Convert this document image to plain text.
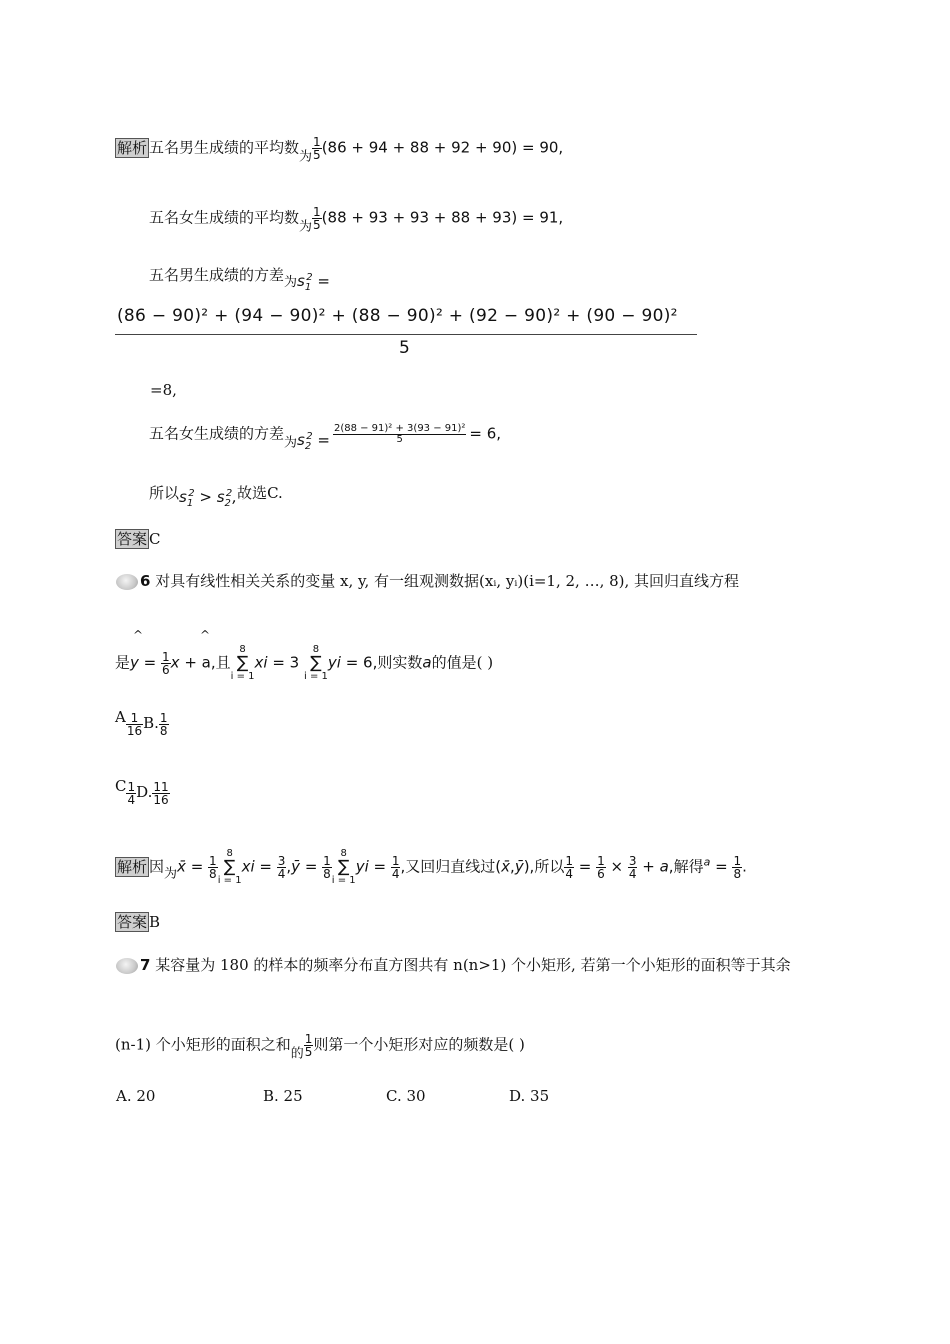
解析 五名男生成绩的平均数为 $\frac{1}{5} (86 + 94 + 88 + 92 + 90) = 90$,
五名女生成绩的平均数为 $\frac{1}{5} (88 + 93 + 93 + 88 + 93) = 91$,
五名男生成绩的方差为$s_1^2$ =
(86 − 90)² + (94 − 90)² + (88 − 90)² + (92 − 90)² + (90 − 90)²
5
=8,
五名女生成绩的方差为$s_2^2 = \frac{\text{2(88 − 91)² + 3(93 − 91)²}}{5} = 6$,
所以$s_1^2 > s_2^2$,故选C.
答案 C
6 对具有线性相关关系的变量 x, y, 有一组观测数据(xᵢ, yᵢ)(i=1, 2, …, 8), 其回归直线方程
^	^
是$y = \frac{1}{6}$ x + a,且
8
∑
i = 1
xi = 3
8
∑
i = 1
yi = 6,则实数a的值是( )
A $\frac{1}{16} B$. $\frac{1}{8}$
C $\frac{1}{4} D$. $\frac{11}{16}$
解析 因为x̄ = $\frac{1}{8}$
8
∑
i = 1
xi = $\frac{3}{4}$ ,ȳ = $\frac{1}{8}$
8
∑
i = 1
yi = $\frac{1}{4}$ ,又回归直线过(x̄,ȳ),所以 $\frac{1}{4} = \frac{1}{6} \times \frac{3}{4} + a$,解得$^a = \frac{1}{8}$ .
答案 B
7 某容量为 180 的样本的频率分布直方图共有 n(n>1) 个小矩形, 若第一个小矩形的面积等于其余
(n-1) 个小矩形的面积之和的 $\frac{1}{5}$ 则第一个小矩形对应的频数是( )
A. 20	B. 25	C. 30	D. 35
